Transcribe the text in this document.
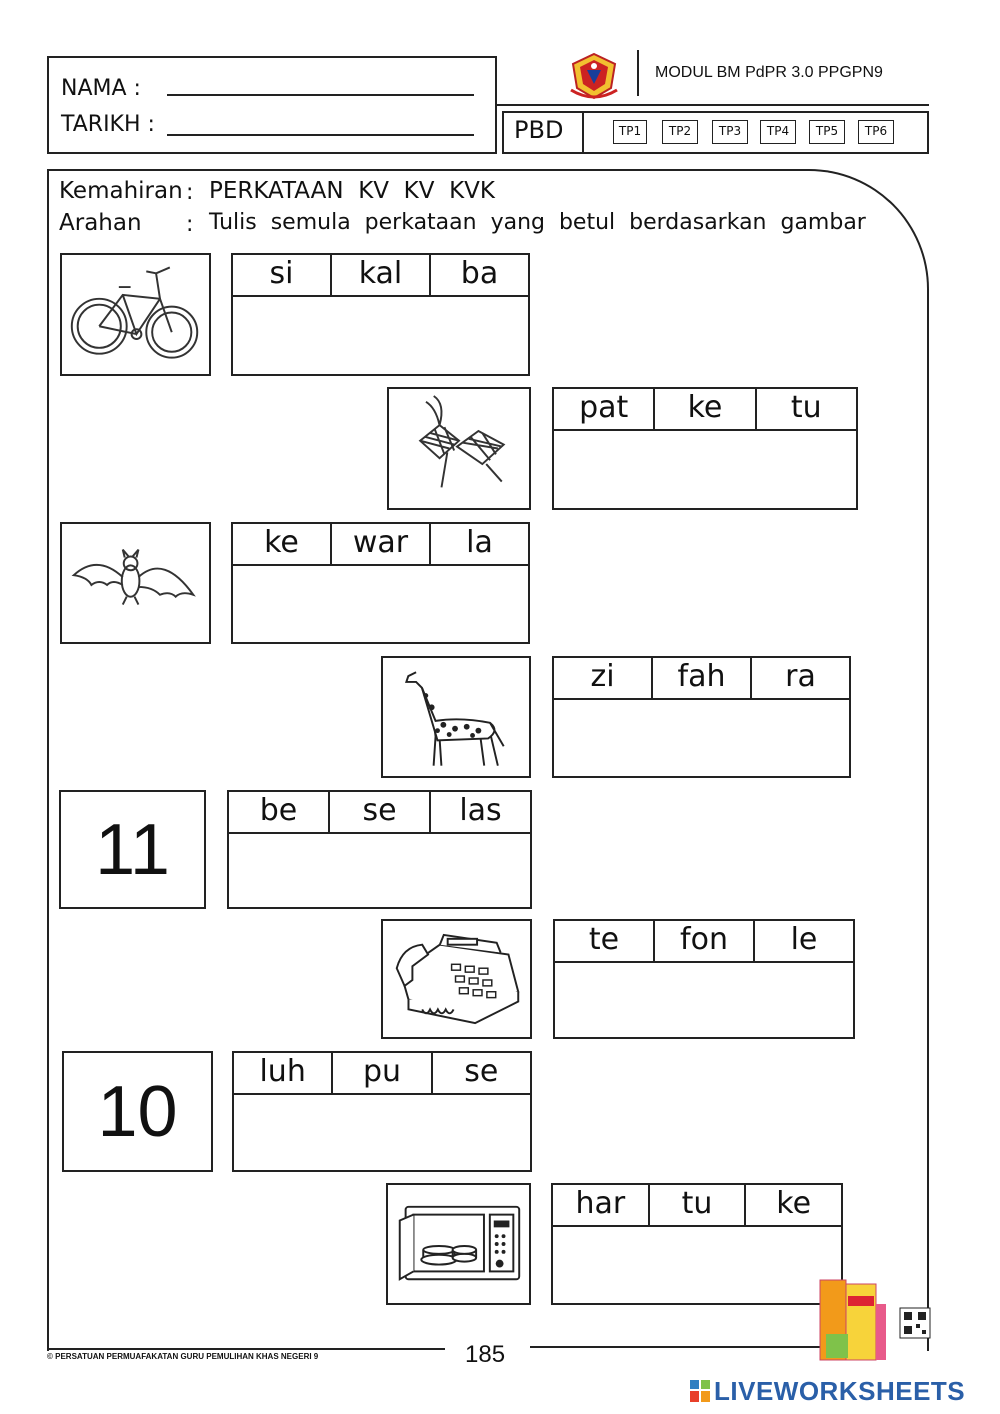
NAMA :
TARIKH :
MODUL BM PdPR 3.0 PPGPN9
PBD	TP1	TP2	TP3	TP4	TP5	TP6
Kemahiran : PERKATAAN  KV  KV  KVK
Arahan : Tulis  semula  perkataan  yang  betul  berdasarkan  gambar
si	kal	ba
pat	ke	tu
ke	war	la
zi	fah	ra
11	be	se	las
te	fon	le
10
luh	pu	se
har	tu	ke
© PERSATUAN PERMUAFAKATAN GURU PEMULIHAN KHAS NEGERI 9	185
LIVEWORKSHEETS
